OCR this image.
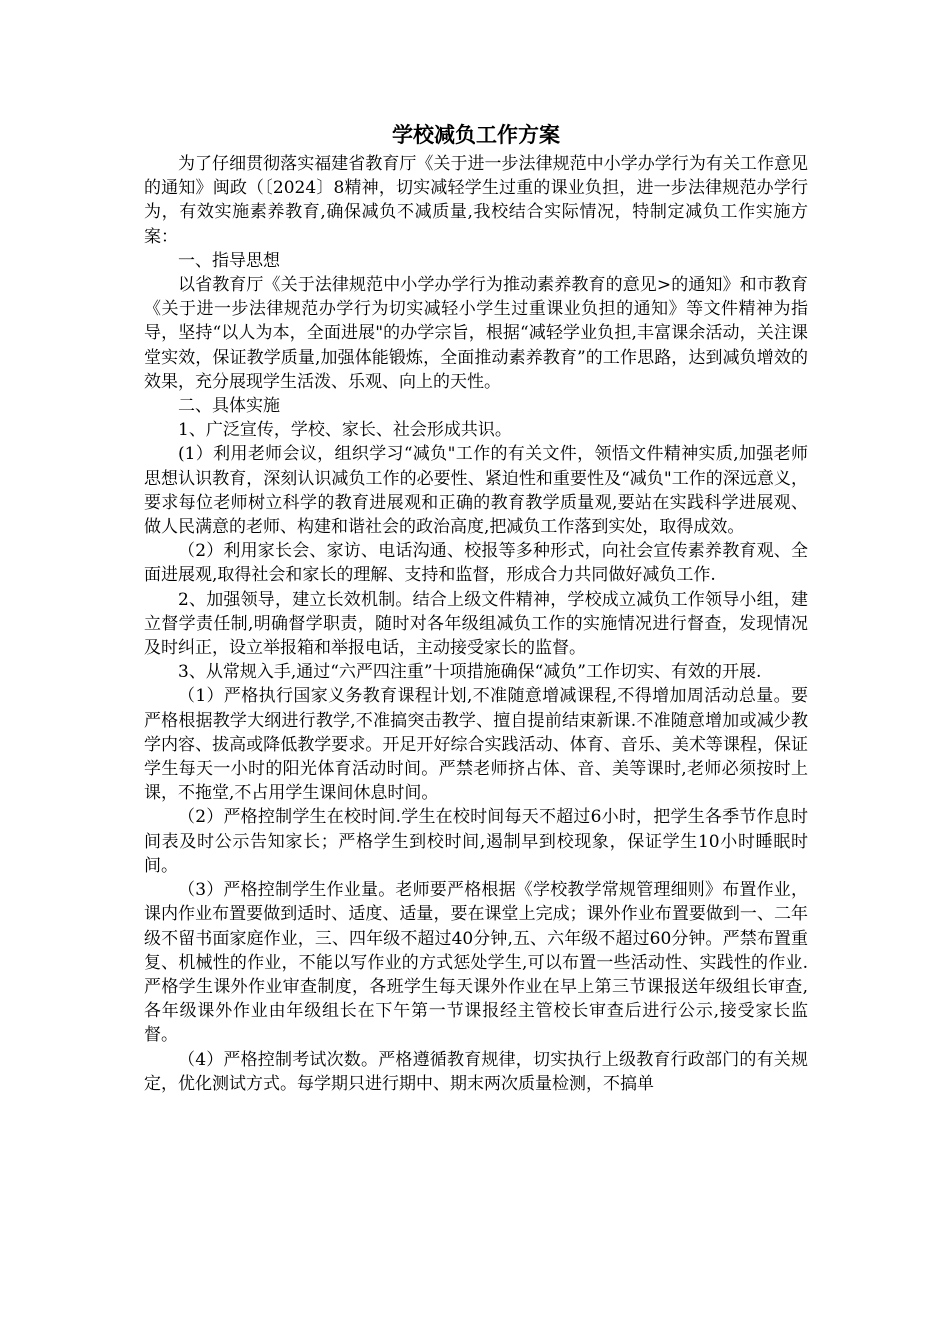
学校减负工作方案

为了仔细贯彻落实福建省教育厅《关于进一步法律规范中小学办学行为有关工作意见的通知》闽政（〔2024〕8精神，切实减轻学生过重的课业负担，进一步法律规范办学行为，有效实施素养教育,确保减负不减质量,我校结合实际情况，特制定减负工作实施方案：

一、指导思想

以省教育厅《关于法律规范中小学办学行为推动素养教育的意见>的通知》和市教育《关于进一步法律规范办学行为切实减轻小学生过重课业负担的通知》等文件精神为指导，坚持“以人为本，全面进展"的办学宗旨，根据“减轻学业负担,丰富课余活动，关注课堂实效，保证教学质量,加强体能锻炼，全面推动素养教育”的工作思路，达到减负增效的效果，充分展现学生活泼、乐观、向上的天性。

二、具体实施

1、广泛宣传，学校、家长、社会形成共识。

(1）利用老师会议，组织学习“减负"工作的有关文件，领悟文件精神实质,加强老师思想认识教育，深刻认识减负工作的必要性、紧迫性和重要性及“减负"工作的深远意义，要求每位老师树立科学的教育进展观和正确的教育教学质量观,要站在实践科学进展观、做人民满意的老师、构建和谐社会的政治高度,把减负工作落到实处，取得成效。

（2）利用家长会、家访、电话沟通、校报等多种形式，向社会宣传素养教育观、全面进展观,取得社会和家长的理解、支持和监督，形成合力共同做好减负工作.

2、加强领导，建立长效机制。结合上级文件精神，学校成立减负工作领导小组，建立督学责任制,明确督学职责，随时对各年级组减负工作的实施情况进行督查，发现情况及时纠正，设立举报箱和举报电话，主动接受家长的监督。

3、从常规入手,通过“六严四注重”十项措施确保“减负”工作切实、有效的开展.

（1）严格执行国家义务教育课程计划,不准随意增减课程,不得增加周活动总量。要严格根据教学大纲进行教学,不准搞突击教学、擅自提前结束新课.不准随意增加或减少教学内容、拔高或降低教学要求。开足开好综合实践活动、体育、音乐、美术等课程，保证学生每天一小时的阳光体育活动时间。严禁老师挤占体、音、美等课时,老师必须按时上课，不拖堂,不占用学生课间休息时间。

（2）严格控制学生在校时间.学生在校时间每天不超过6小时，把学生各季节作息时间表及时公示告知家长；严格学生到校时间,遏制早到校现象，保证学生10小时睡眠时间。

（3）严格控制学生作业量。老师要严格根据《学校教学常规管理细则》布置作业，课内作业布置要做到适时、适度、适量，要在课堂上完成；课外作业布置要做到一、二年级不留书面家庭作业，三、四年级不超过40分钟,五、六年级不超过60分钟。严禁布置重复、机械性的作业，不能以写作业的方式惩处学生,可以布置一些活动性、实践性的作业.严格学生课外作业审查制度，各班学生每天课外作业在早上第三节课报送年级组长审查,各年级课外作业由年级组长在下午第一节课报经主管校长审查后进行公示,接受家长监督。

（4）严格控制考试次数。严格遵循教育规律，切实执行上级教育行政部门的有关规定，优化测试方式。每学期只进行期中、期末两次质量检测，不搞单
